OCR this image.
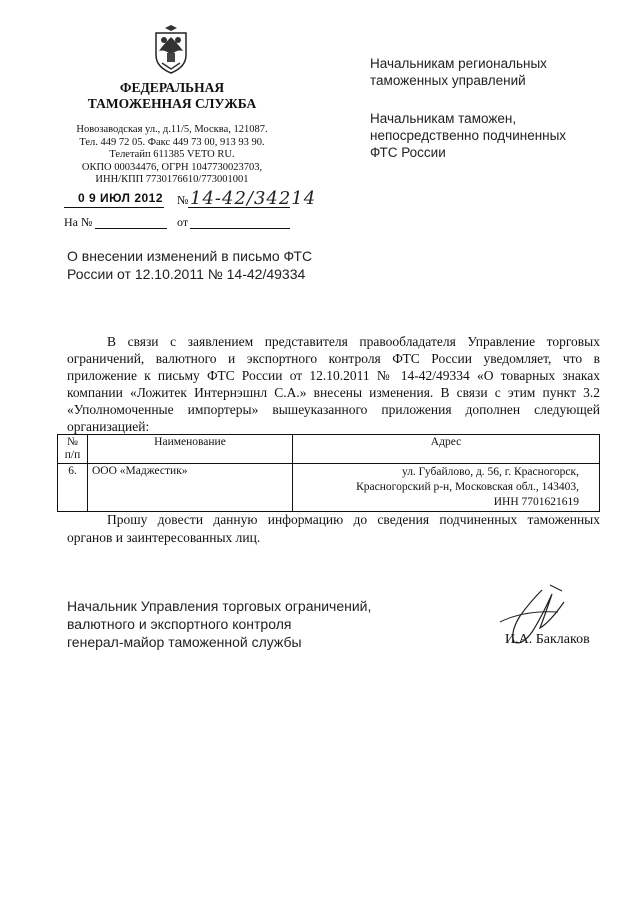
ФЕДЕРАЛЬНАЯ
ТАМОЖЕННАЯ СЛУЖБА
Новозаводская ул., д.11/5, Москва, 121087.
Тел. 449 72 05. Факс 449 73 00, 913 93 90.
Телетайп 611385 VETO RU.
ОКПО 00034476, ОГРН 1047730023703,
ИНН/КПП 7730176610/773001001
Начальникам региональных
таможенных управлений
Начальникам таможен,
непосредственно подчиненных
ФТС России
0 9 ИЮЛ 2012 № 14-42/34214
На №	от
О внесении изменений в письмо ФТС России от 12.10.2011 № 14-42/49334

В связи с заявлением представителя правообладателя Управление торговых ограничений, валютного и экспортного контроля ФТС России уведомляет, что в приложение к письму ФТС России от 12.10.2011 № 14-42/49334 «О товарных знаках компании «Ложитек Интернэшнл С.А.» внесены изменения. В связи с этим пункт 3.2 «Уполномоченные импортеры» вышеуказанного приложения дополнен следующей организацией:

№
п/п	Наименование	Адрес
6.	ООО «Маджестик»	ул. Губайлово, д. 56, г. Красногорск,
Красногорский р-н, Московская обл., 143403,
ИНН 7701621619

Прошу довести данную информацию до сведения подчиненных таможенных органов и заинтересованных лиц.

Начальник Управления торговых ограничений,
валютного и экспортного контроля
генерал-майор таможенной службы	И.А. Баклаков
